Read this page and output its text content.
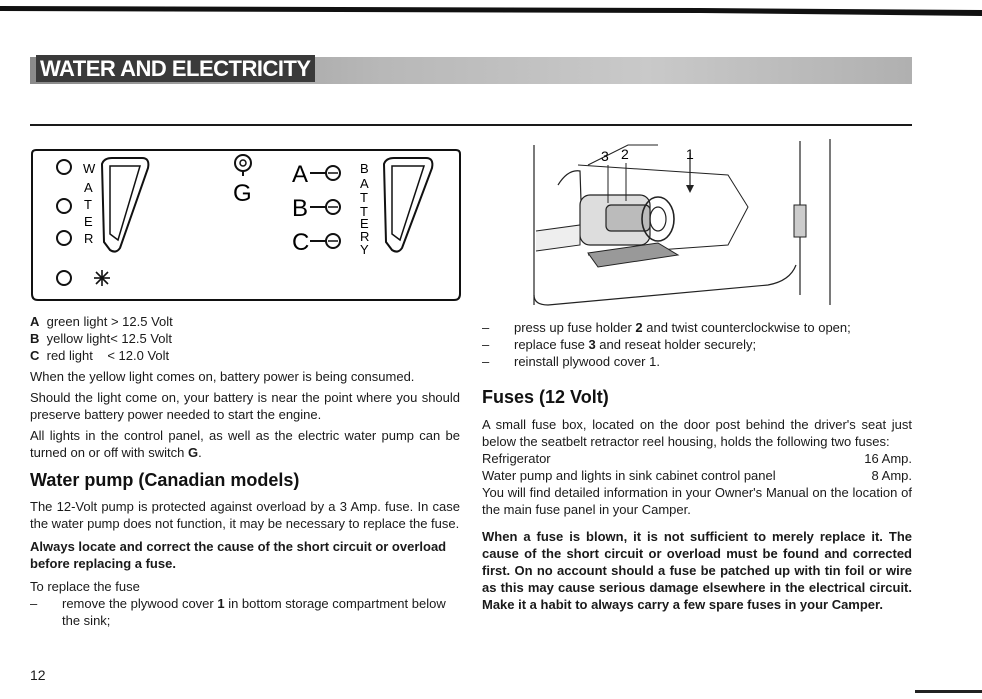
WATER AND ELECTRICITY
W
A
T
E
R
G
A
B
C
B
A
T
T
E
R
Y
A green light > 12.5 Volt
B yellow light< 12.5 Volt
C red light    < 12.0 Volt

When the yellow light comes on, battery power is being consumed.

Should the light come on, your battery is near the point where you should preserve battery power needed to start the engine.

All lights in the control panel, as well as the electric water pump can be turned on or off with switch G.

Water pump (Canadian models)

The 12-Volt pump is protected against overload by a 3 Amp. fuse. In case the water pump does not function, it may be necessary to replace the fuse.

Always locate and correct the cause of the short circuit or overload before replacing a fuse.

To replace the fuse

– remove the plywood cover 1 in bottom storage compartment below the sink;
3 2	1
– press up fuse holder 2 and twist counterclockwise to open;
– replace fuse 3 and reseat holder securely;
– reinstall plywood cover 1.
Fuses (12 Volt)

A small fuse box, located on the door post behind the driver's seat just below the seatbelt retractor reel housing, holds the following two fuses:

Refrigerator	16 Amp.
Water pump and lights in sink cabinet control panel	8 Amp.

You will find detailed information in your Owner's Manual on the location of the main fuse panel in your Camper.

When a fuse is blown, it is not sufficient to merely replace it. The cause of the short circuit or overload must be found and corrected first. On no account should a fuse be patched up with tin foil or wire as this may cause serious damage elsewhere in the electrical circuit. Make it a habit to always carry a few spare fuses in your Camper.

12
